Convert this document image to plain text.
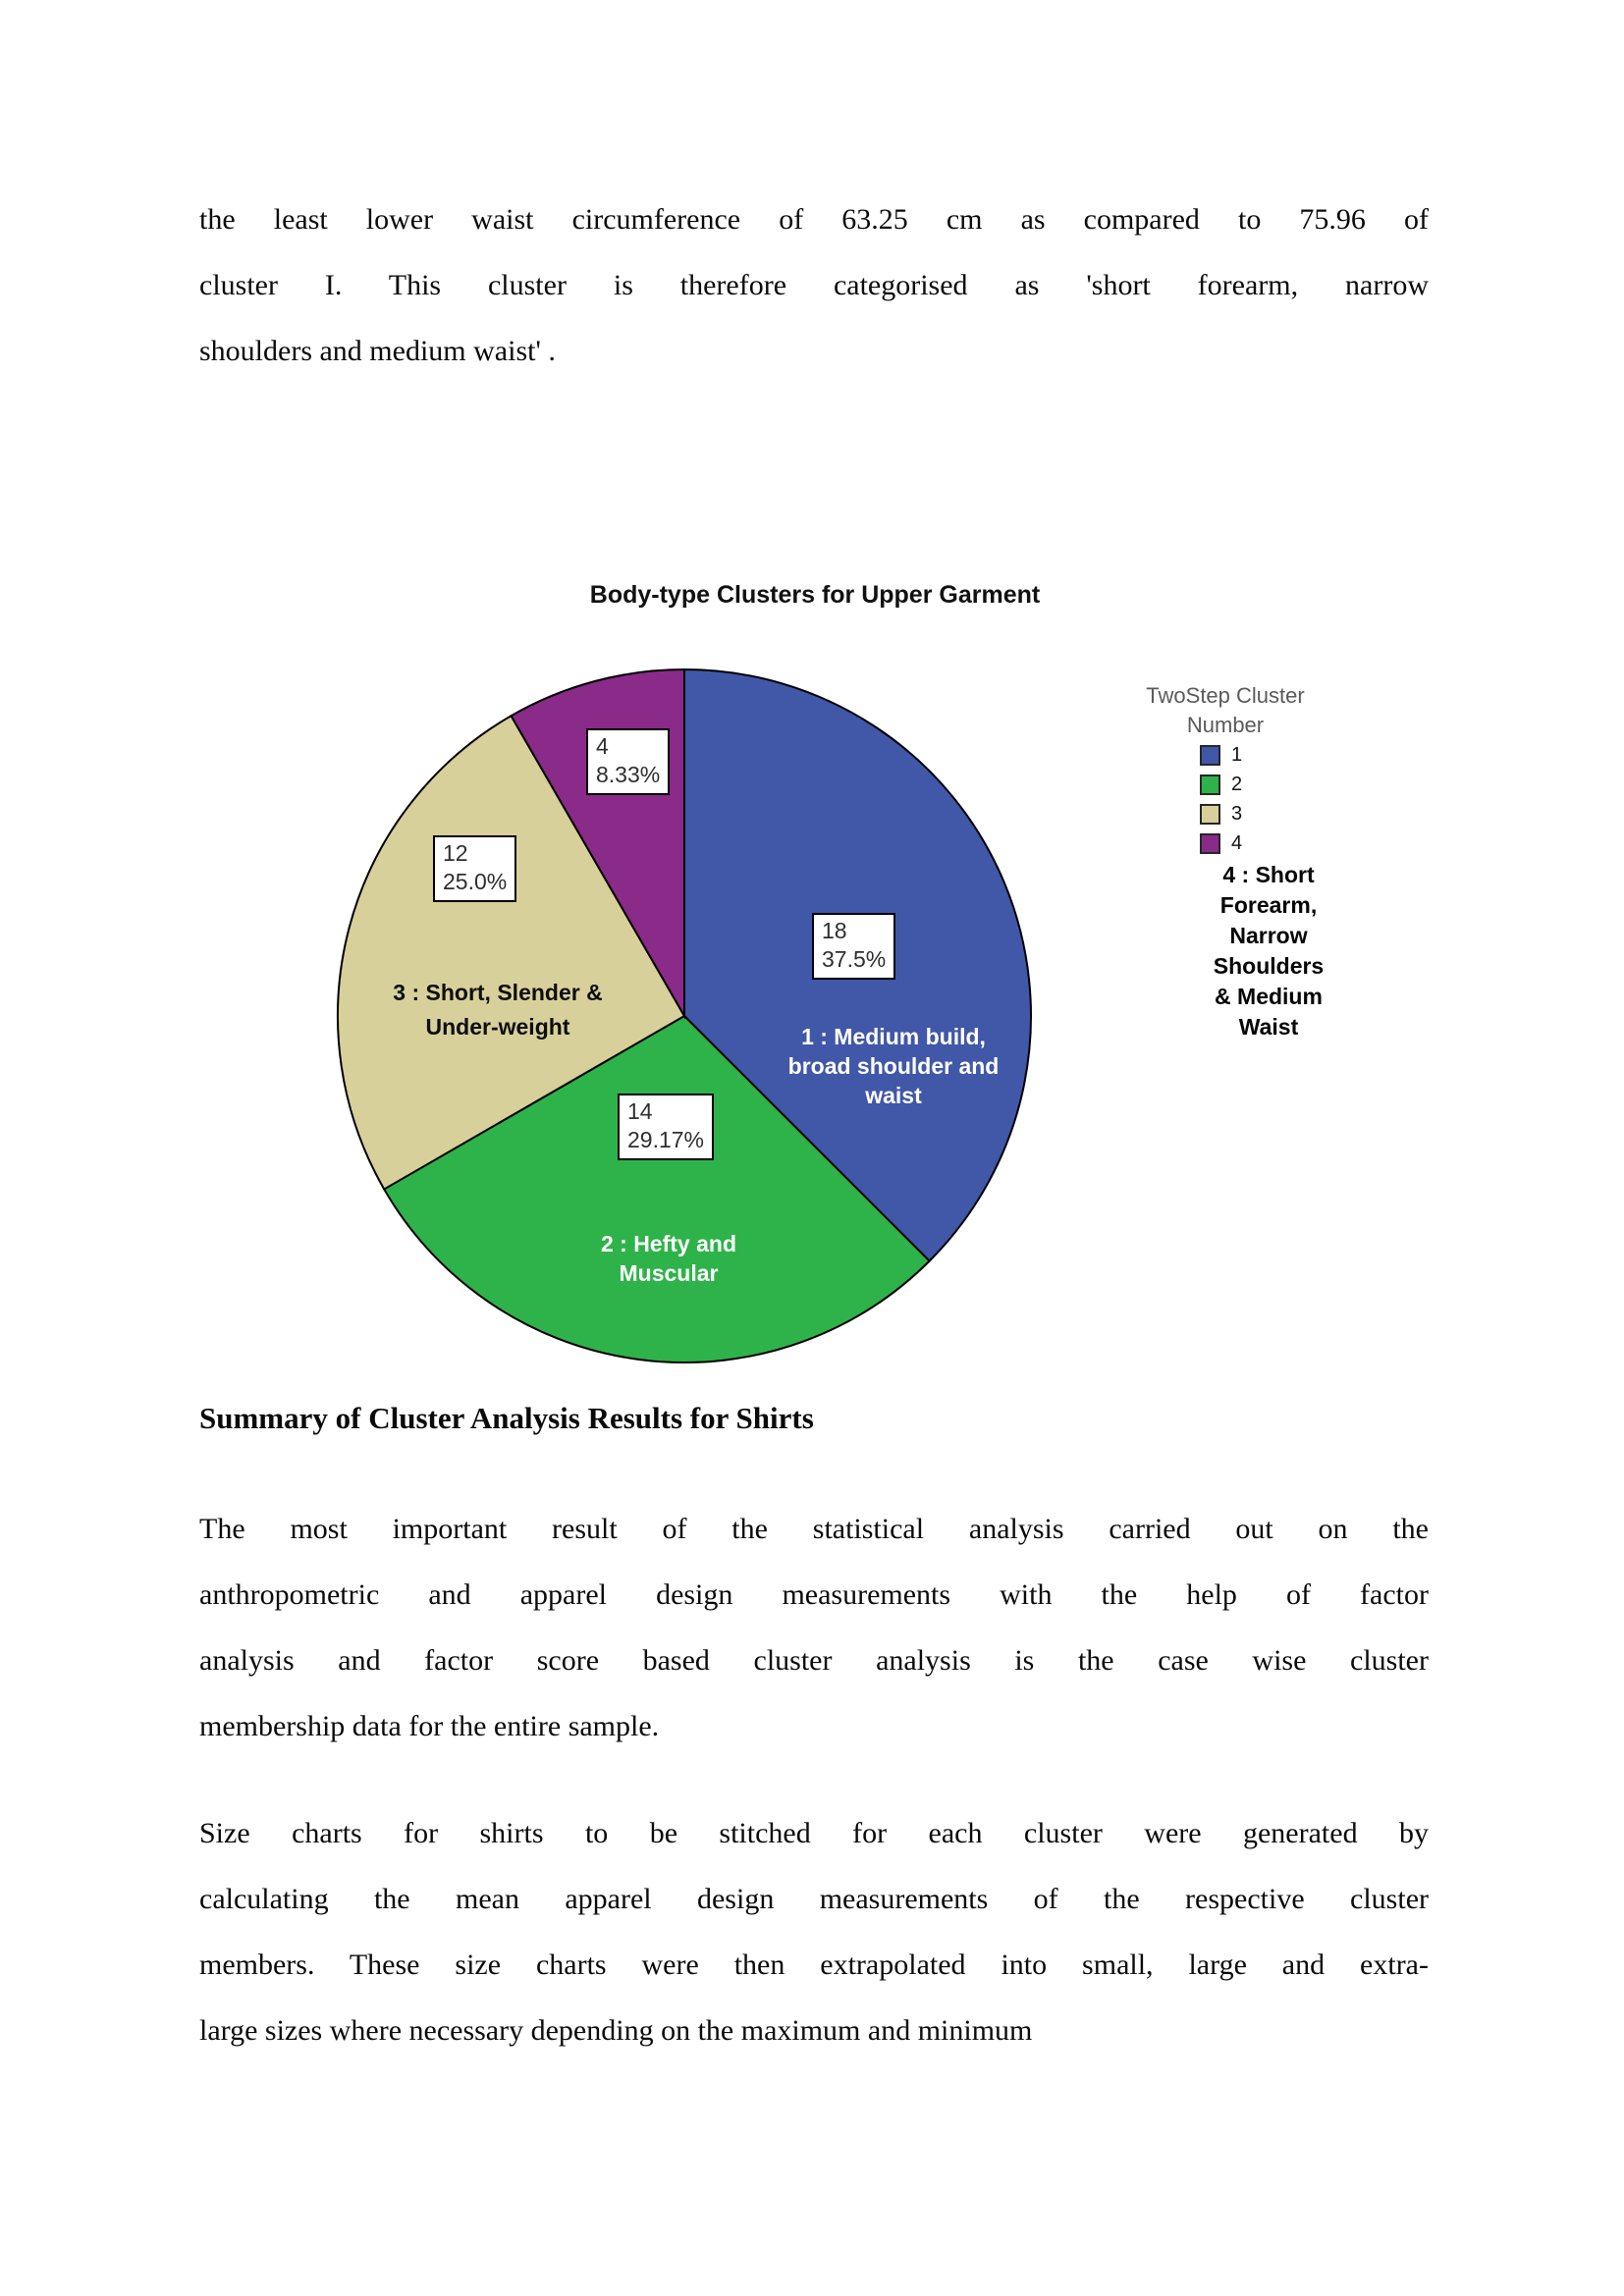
the least lower waist circumference of 63.25 cm as compared to 75.96 of
cluster I. This cluster is therefore categorised as 'short forearm, narrow
shoulders and medium waist' .
Body-type Clusters for Upper Garment
4
8.33%
12
25.0%
18
37.5%
14
29.17%
3 : Short, Slender &
Under-weight	1 : Medium build,
broad shoulder and
waist
2 : Hefty and
Muscular
TwoStep Cluster
Number
1
2
3
4
4 : Short
Forearm,
Narrow
Shoulders
& Medium
Waist
Summary of Cluster Analysis Results for Shirts
The most important result of the statistical analysis carried out on the
anthropometric and apparel design measurements with the help of factor
analysis and factor score based cluster analysis is the case wise cluster
membership data for the entire sample.
Size charts for shirts to be stitched for each cluster were generated by
calculating the mean apparel design measurements of the respective cluster
members. These size charts were then extrapolated into small, large and extra-
large sizes where necessary depending on the maximum and minimum
